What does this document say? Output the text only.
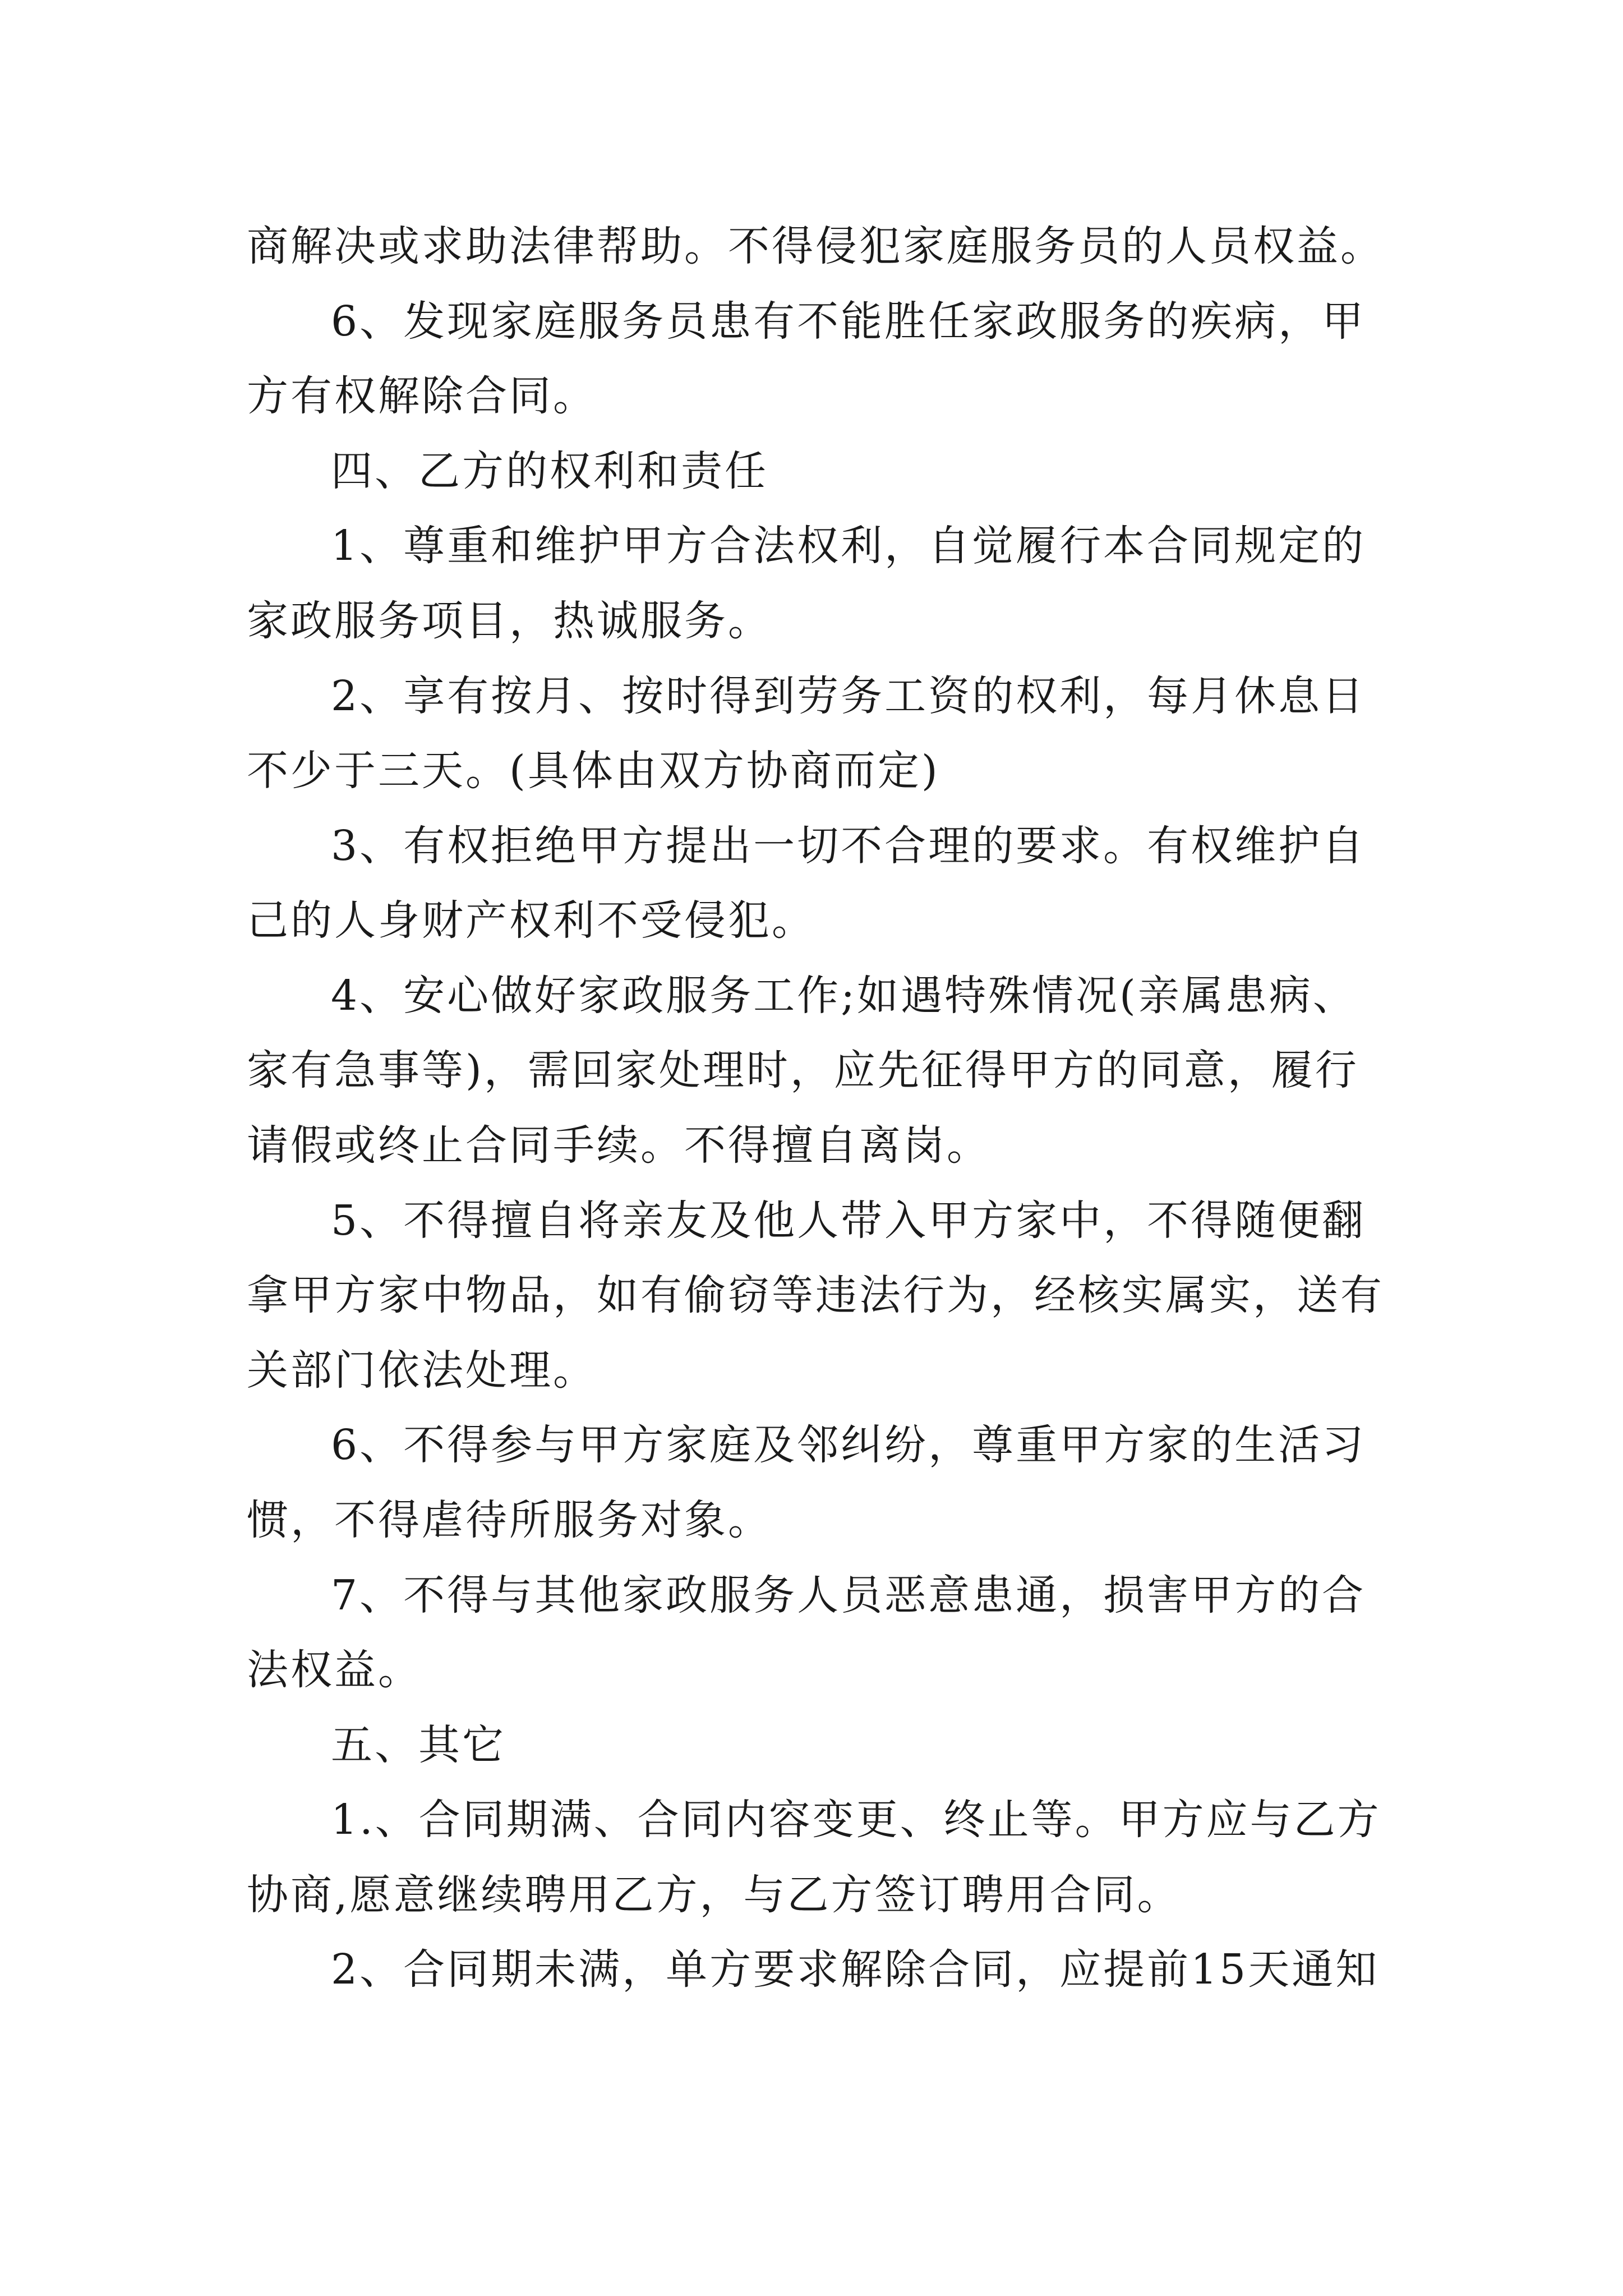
商解决或求助法律帮助。不得侵犯家庭服务员的人员权益。
6、发现家庭服务员患有不能胜任家政服务的疾病，甲
方有权解除合同。
四、乙方的权利和责任
1、尊重和维护甲方合法权利，自觉履行本合同规定的
家政服务项目，热诚服务。
2、享有按月、按时得到劳务工资的权利，每月休息日
不少于三天。(具体由双方协商而定)
3、有权拒绝甲方提出一切不合理的要求。有权维护自
己的人身财产权利不受侵犯。
4、安心做好家政服务工作;如遇特殊情况(亲属患病、
家有急事等)，需回家处理时，应先征得甲方的同意，履行
请假或终止合同手续。不得擅自离岗。
5、不得擅自将亲友及他人带入甲方家中，不得随便翻
拿甲方家中物品，如有偷窃等违法行为，经核实属实，送有
关部门依法处理。
6、不得参与甲方家庭及邻纠纷，尊重甲方家的生活习
惯，不得虐待所服务对象。
7、不得与其他家政服务人员恶意患通，损害甲方的合
法权益。
五、其它
1.、合同期满、合同内容变更、终止等。甲方应与乙方
协商,愿意继续聘用乙方，与乙方签订聘用合同。
2、合同期未满，单方要求解除合同，应提前15天通知
